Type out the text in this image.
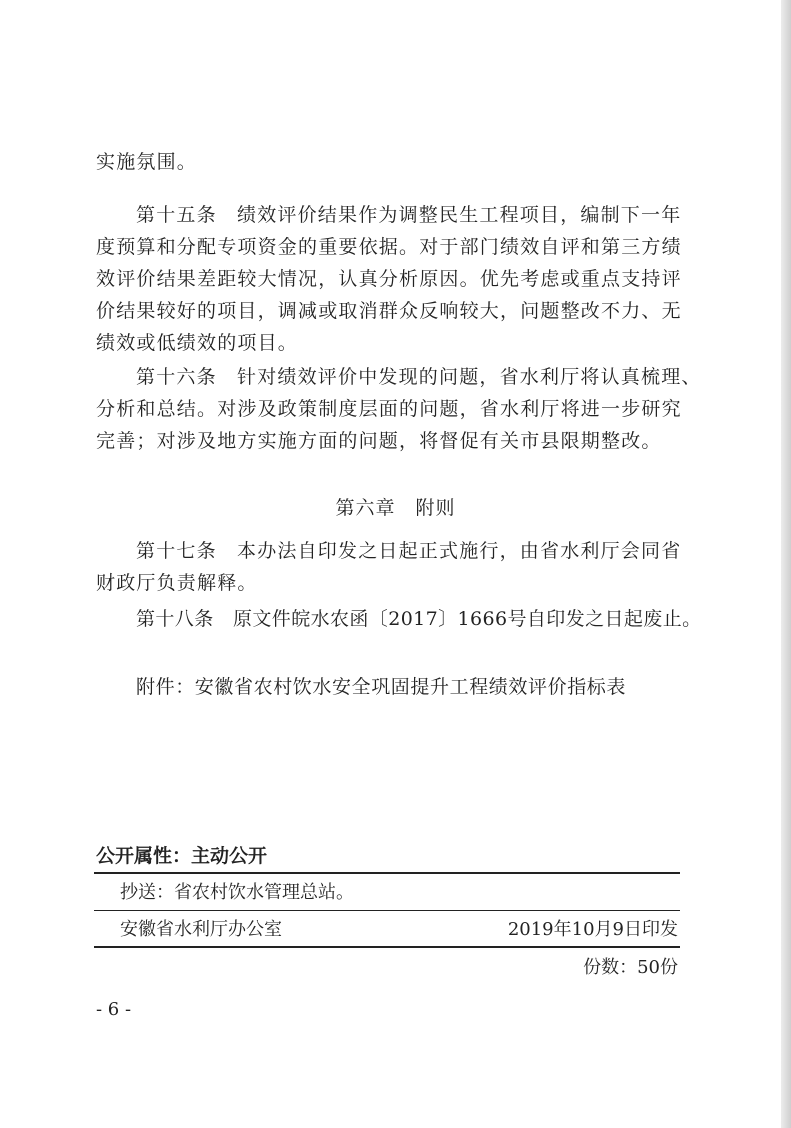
实施氛围。
第十五条　绩效评价结果作为调整民生工程项目，编制下一年
度预算和分配专项资金的重要依据。对于部门绩效自评和第三方绩
效评价结果差距较大情况，认真分析原因。优先考虑或重点支持评
价结果较好的项目，调减或取消群众反响较大，问题整改不力、无
绩效或低绩效的项目。
第十六条　针对绩效评价中发现的问题，省水利厅将认真梳理、
分析和总结。对涉及政策制度层面的问题，省水利厅将进一步研究
完善；对涉及地方实施方面的问题，将督促有关市县限期整改。
第六章　附则
第十七条　本办法自印发之日起正式施行，由省水利厅会同省
财政厅负责解释。
第十八条　原文件皖水农函〔2017〕1666号自印发之日起废止。
附件：安徽省农村饮水安全巩固提升工程绩效评价指标表
公开属性：主动公开
抄送：省农村饮水管理总站。
安徽省水利厅办公室	2019年10月9日印发
份数：50份
- 6 -
